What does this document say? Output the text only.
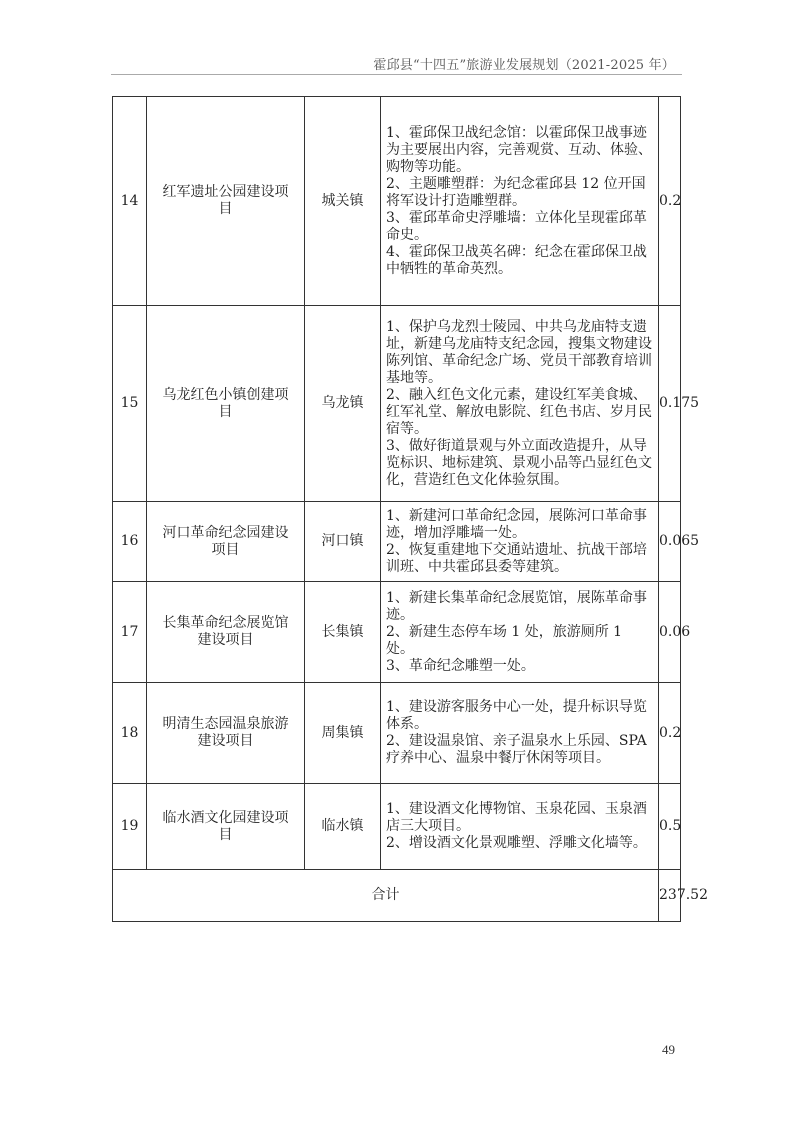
霍邱县“十四五”旅游业发展规划（2021-2025 年）
14	红军遗址公园建设项目	城关镇	1、霍邱保卫战纪念馆：以霍邱保卫战事迹为主要展出内容，完善观赏、互动、体验、购物等功能。
2、主题雕塑群：为纪念霍邱县 12 位开国将军设计打造雕塑群。
3、霍邱革命史浮雕墙：立体化呈现霍邱革命史。
4、霍邱保卫战英名碑：纪念在霍邱保卫战中牺牲的革命英烈。	0.2
15	乌龙红色小镇创建项目	乌龙镇	1、保护乌龙烈士陵园、中共乌龙庙特支遗址，新建乌龙庙特支纪念园，搜集文物建设陈列馆、革命纪念广场、党员干部教育培训基地等。
2、融入红色文化元素，建设红军美食城、红军礼堂、解放电影院、红色书店、岁月民宿等。
3、做好街道景观与外立面改造提升，从导览标识、地标建筑、景观小品等凸显红色文化，营造红色文化体验氛围。	0.175
16	河口革命纪念园建设项目	河口镇	1、新建河口革命纪念园，展陈河口革命事迹，增加浮雕墙一处。
2、恢复重建地下交通站遗址、抗战干部培训班、中共霍邱县委等建筑。	0.065
17	长集革命纪念展览馆建设项目	长集镇	1、新建长集革命纪念展览馆，展陈革命事迹。
2、新建生态停车场 1 处，旅游厕所 1 处。
3、革命纪念雕塑一处。	0.06
18	明清生态园温泉旅游建设项目	周集镇	1、建设游客服务中心一处，提升标识导览体系。
2、建设温泉馆、亲子温泉水上乐园、SPA 疗养中心、温泉中餐厅休闲等项目。	0.2
19	临水酒文化园建设项目	临水镇	1、建设酒文化博物馆、玉泉花园、玉泉酒店三大项目。
2、增设酒文化景观雕塑、浮雕文化墙等。	0.5
合计				237.52
49
